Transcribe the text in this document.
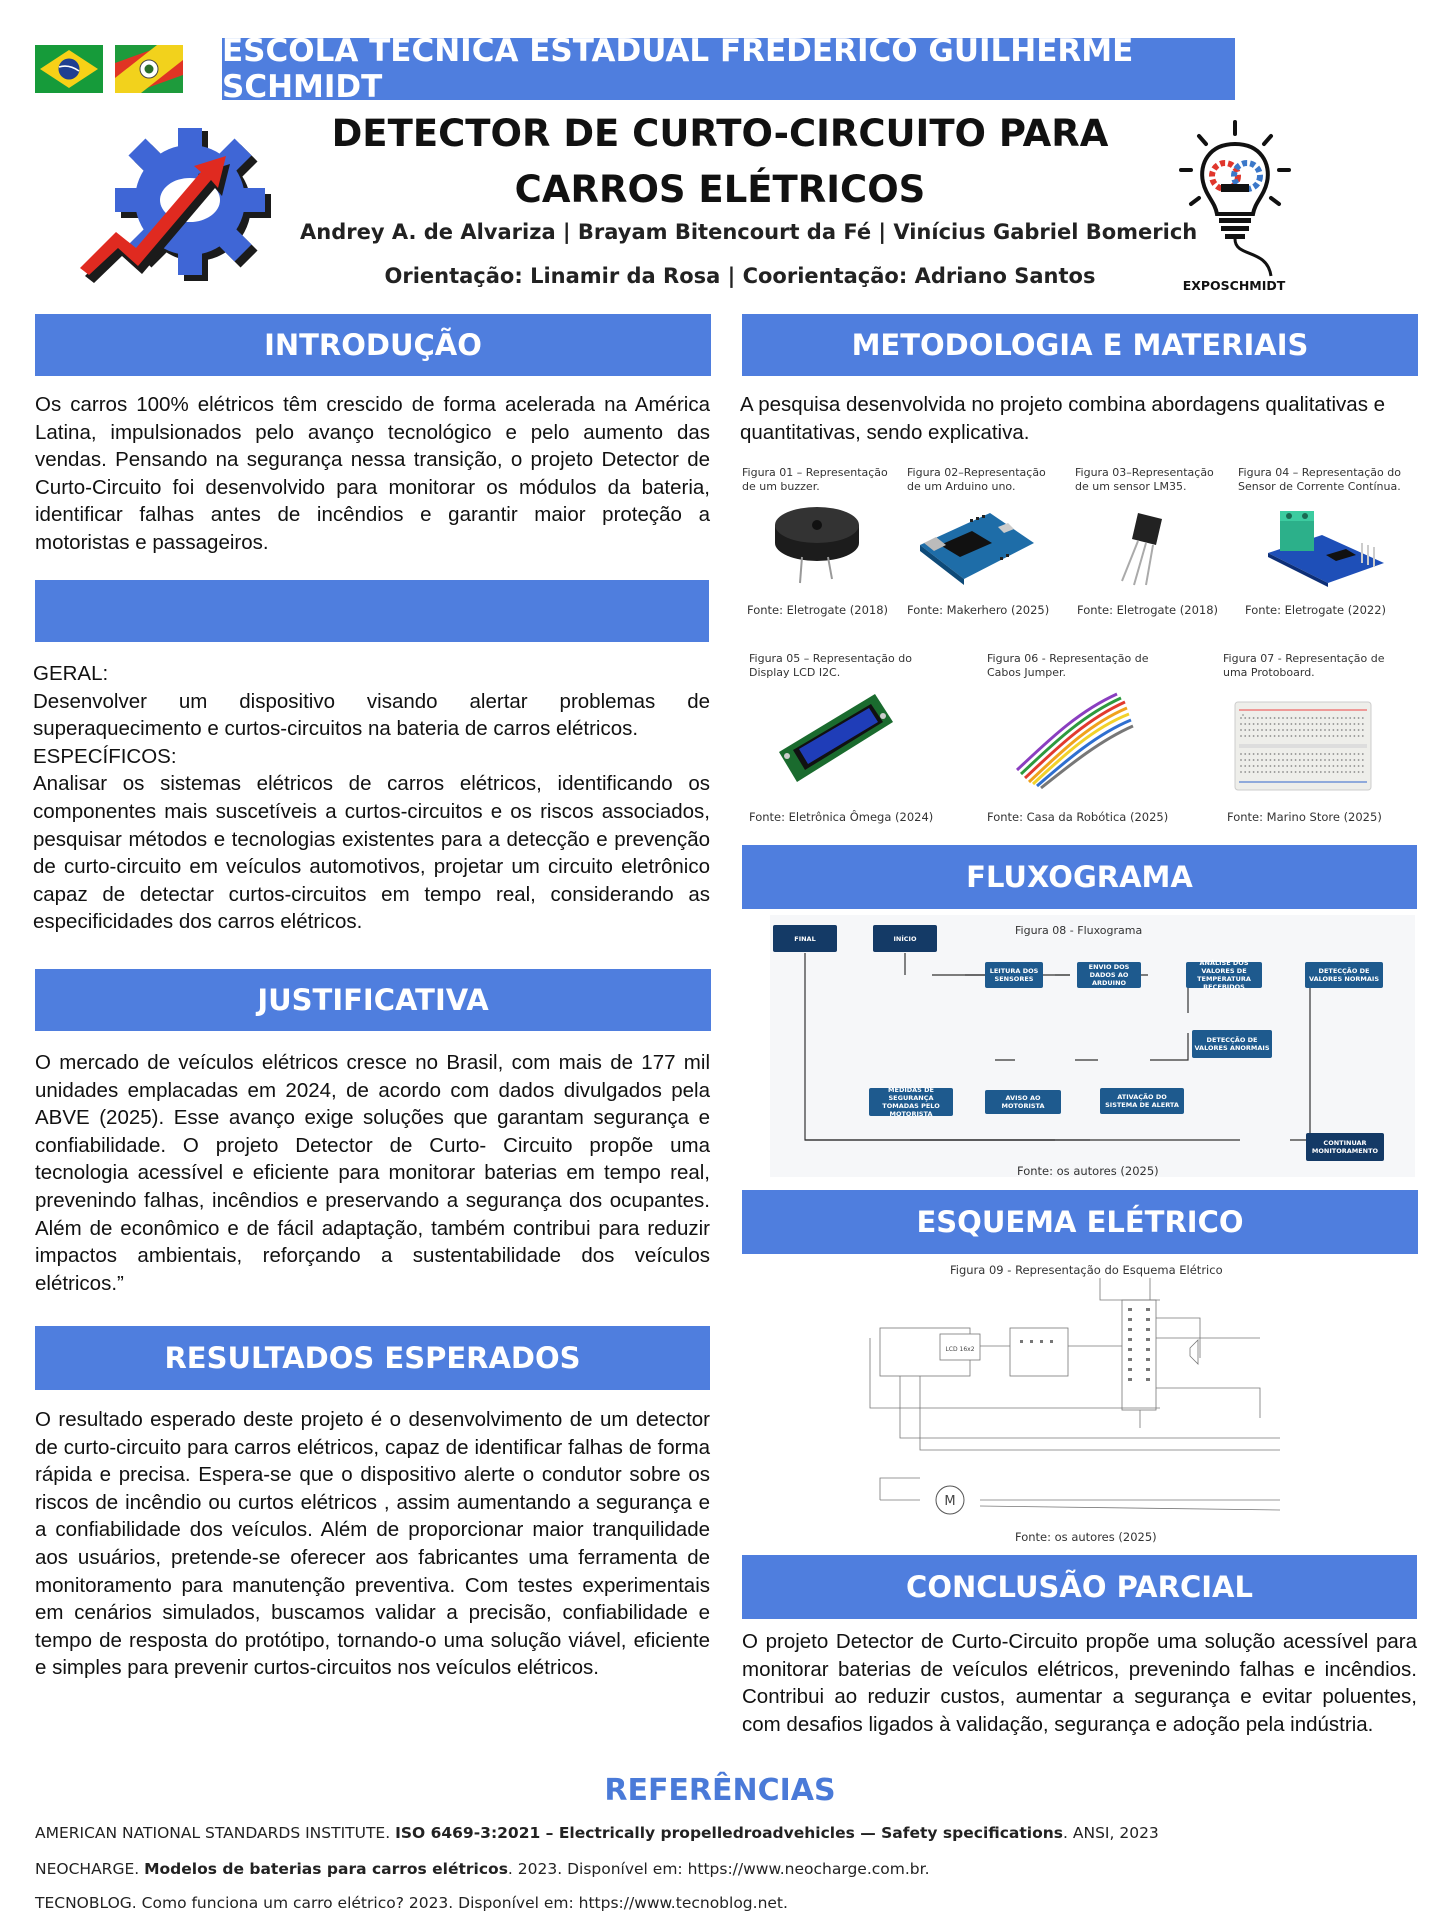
ESCOLA TÉCNICA ESTADUAL FREDERICO GUILHERME SCHMIDT
DETECTOR DE CURTO-CIRCUITO PARA
CARROS ELÉTRICOS
Andrey A. de Alvariza | Brayam Bitencourt da Fé | Vinícius Gabriel Bomerich
Orientação: Linamir da Rosa | Coorientação: Adriano Santos	EXPOSCHMIDT
INTRODUÇÃO
Os carros 100% elétricos têm crescido de forma acelerada na América Latina, impulsionados pelo avanço tecnológico e pelo aumento das vendas. Pensando na segurança nessa transição, o projeto Detector de Curto-Circuito foi desenvolvido para monitorar os módulos da bateria, identificar falhas antes de incêndios e garantir maior proteção a motoristas e passageiros.
GERAL:
Desenvolver um dispositivo visando alertar problemas de superaquecimento e curtos-circuitos na bateria de carros elétricos.
ESPECÍFICOS:
Analisar os sistemas elétricos de carros elétricos, identificando os componentes mais suscetíveis a curtos-circuitos e os riscos associados, pesquisar métodos e tecnologias existentes para a detecção e prevenção de curto-circuito em veículos automotivos, projetar um circuito eletrônico capaz de detectar curtos-circuitos em tempo real, considerando as especificidades dos carros elétricos.
JUSTIFICATIVA
O mercado de veículos elétricos cresce no Brasil, com mais de 177 mil unidades emplacadas em 2024, de acordo com dados divulgados pela ABVE (2025). Esse avanço exige soluções que garantam segurança e confiabilidade. O projeto Detector de Curto- Circuito propõe uma tecnologia acessível e eficiente para monitorar baterias em tempo real, prevenindo falhas, incêndios e preservando a segurança dos ocupantes. Além de econômico e de fácil adaptação, também contribui para reduzir impactos ambientais, reforçando a sustentabilidade dos veículos elétricos.”
RESULTADOS ESPERADOS
O resultado esperado deste projeto é o desenvolvimento de um detector de curto-circuito para carros elétricos, capaz de identificar falhas de forma rápida e precisa. Espera-se que o dispositivo alerte o condutor sobre os riscos de incêndio ou curtos elétricos , assim aumentando a segurança e a confiabilidade dos veículos. Além de proporcionar maior tranquilidade aos usuários, pretende-se oferecer aos fabricantes uma ferramenta de monitoramento para manutenção preventiva. Com testes experimentais em cenários simulados, buscamos validar a precisão, confiabilidade e tempo de resposta do protótipo, tornando-o uma solução viável, eficiente e simples para prevenir curtos-circuitos nos veículos elétricos.
METODOLOGIA E MATERIAIS
A pesquisa desenvolvida no projeto combina abordagens qualitativas e quantitativas, sendo explicativa.
Figura 01 – Representação de um buzzer.
Figura 02–Representação de um Arduino uno.
Figura 03–Representação de um sensor LM35.
Figura 04 – Representação do Sensor de Corrente Contínua.
Fonte: Eletrogate (2018) Fonte: Makerhero (2025) Fonte: Eletrogate (2018) Fonte: Eletrogate (2022)
Figura 05 – Representação do Display LCD I2C.
Figura 06 - Representação de Cabos Jumper.
Figura 07 - Representação de uma Protoboard.
Fonte: Eletrônica Ômega (2024)	Fonte: Casa da Robótica (2025)	Fonte: Marino Store (2025)
FLUXOGRAMA
Figura 08 - Fluxograma
FINAL	INÍCIO
LEITURA DOS SENSORES
ENVIO DOS DADOS AO ARDUINO
ANÁLISE DOS VALORES DE TEMPERATURA RECEBIDOS
DETECÇÃO DE VALORES NORMAIS
DETECÇÃO DE VALORES ANORMAIS
MEDIDAS DE SEGURANÇA TOMADAS PELO MOTORISTA
AVISO AO MOTORISTA
ATIVAÇÃO DO SISTEMA DE ALERTA
CONTINUAR MONITORAMENTO
Fonte: os autores (2025)
ESQUEMA ELÉTRICO
Figura 09 - Representação do Esquema Elétrico
M
LCD 16x2
Fonte: os autores (2025)
CONCLUSÃO PARCIAL
O projeto Detector de Curto-Circuito propõe uma solução acessível para monitorar baterias de veículos elétricos, prevenindo falhas e incêndios. Contribui ao reduzir custos, aumentar a segurança e evitar poluentes, com desafios ligados à validação, segurança e adoção pela indústria.
REFERÊNCIAS
AMERICAN NATIONAL STANDARDS INSTITUTE. ISO 6469-3:2021 – Electrically propelledroadvehicles — Safety specifications. ANSI, 2023
NEOCHARGE. Modelos de baterias para carros elétricos. 2023. Disponível em: https://www.neocharge.com.br.
TECNOBLOG. Como funciona um carro elétrico? 2023. Disponível em: https://www.tecnoblog.net.
